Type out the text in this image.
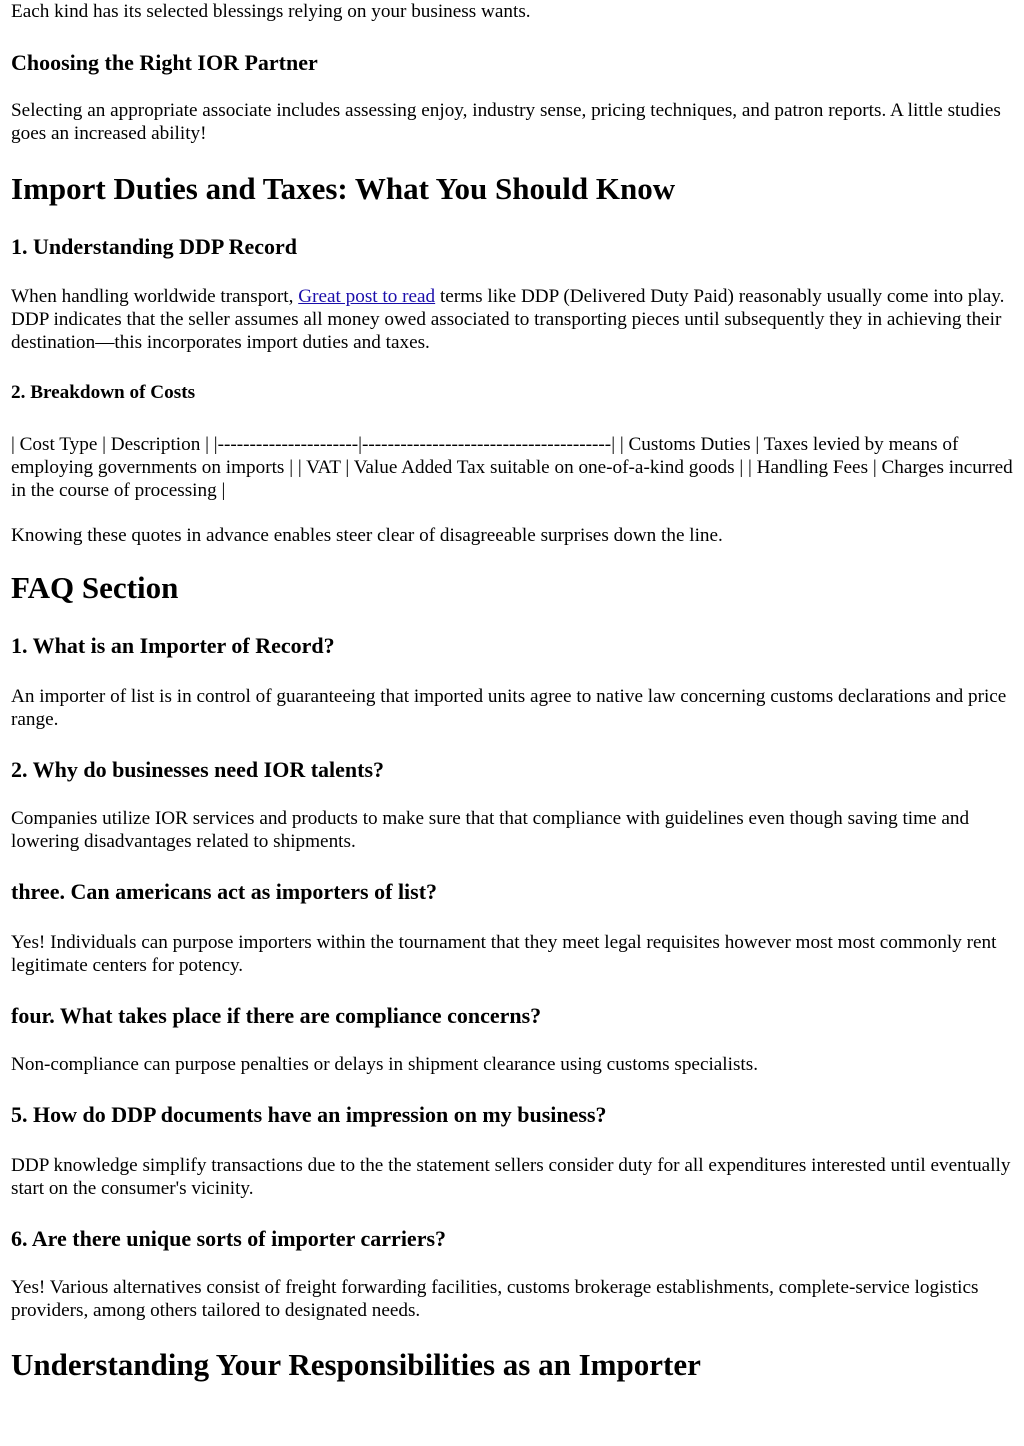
Each kind has its selected blessings relying on your business wants.

Choosing the Right IOR Partner

Selecting an appropriate associate includes assessing enjoy, industry sense, pricing techniques, and patron reports. A little studies goes an increased ability!

Import Duties and Taxes: What You Should Know
1. Understanding DDP Record

When handling worldwide transport, Great post to read terms like DDP (Delivered Duty Paid) reasonably usually come into play. DDP indicates that the seller assumes all money owed associated to transporting pieces until subsequently they in achieving their destination—this incorporates import duties and taxes.

2. Breakdown of Costs

| Cost Type | Description | |----------------------|---------------------------------------| | Customs Duties | Taxes levied by means of employing governments on imports | | VAT | Value Added Tax suitable on one-of-a-kind goods | | Handling Fees | Charges incurred in the course of processing |

Knowing these quotes in advance enables steer clear of disagreeable surprises down the line.

FAQ Section
1. What is an Importer of Record?

An importer of list is in control of guaranteeing that imported units agree to native law concerning customs declarations and price range.

2. Why do businesses need IOR talents?

Companies utilize IOR services and products to make sure that that compliance with guidelines even though saving time and lowering disadvantages related to shipments.

three. Can americans act as importers of list?

Yes! Individuals can purpose importers within the tournament that they meet legal requisites however most most commonly rent legitimate centers for potency.

four. What takes place if there are compliance concerns?

Non-compliance can purpose penalties or delays in shipment clearance using customs specialists.

5. How do DDP documents have an impression on my business?

DDP knowledge simplify transactions due to the the statement sellers consider duty for all expenditures interested until eventually start on the consumer's vicinity.

6. Are there unique sorts of importer carriers?

Yes! Various alternatives consist of freight forwarding facilities, customs brokerage establishments, complete-service logistics providers, among others tailored to designated needs.

Understanding Your Responsibilities as an Importer
